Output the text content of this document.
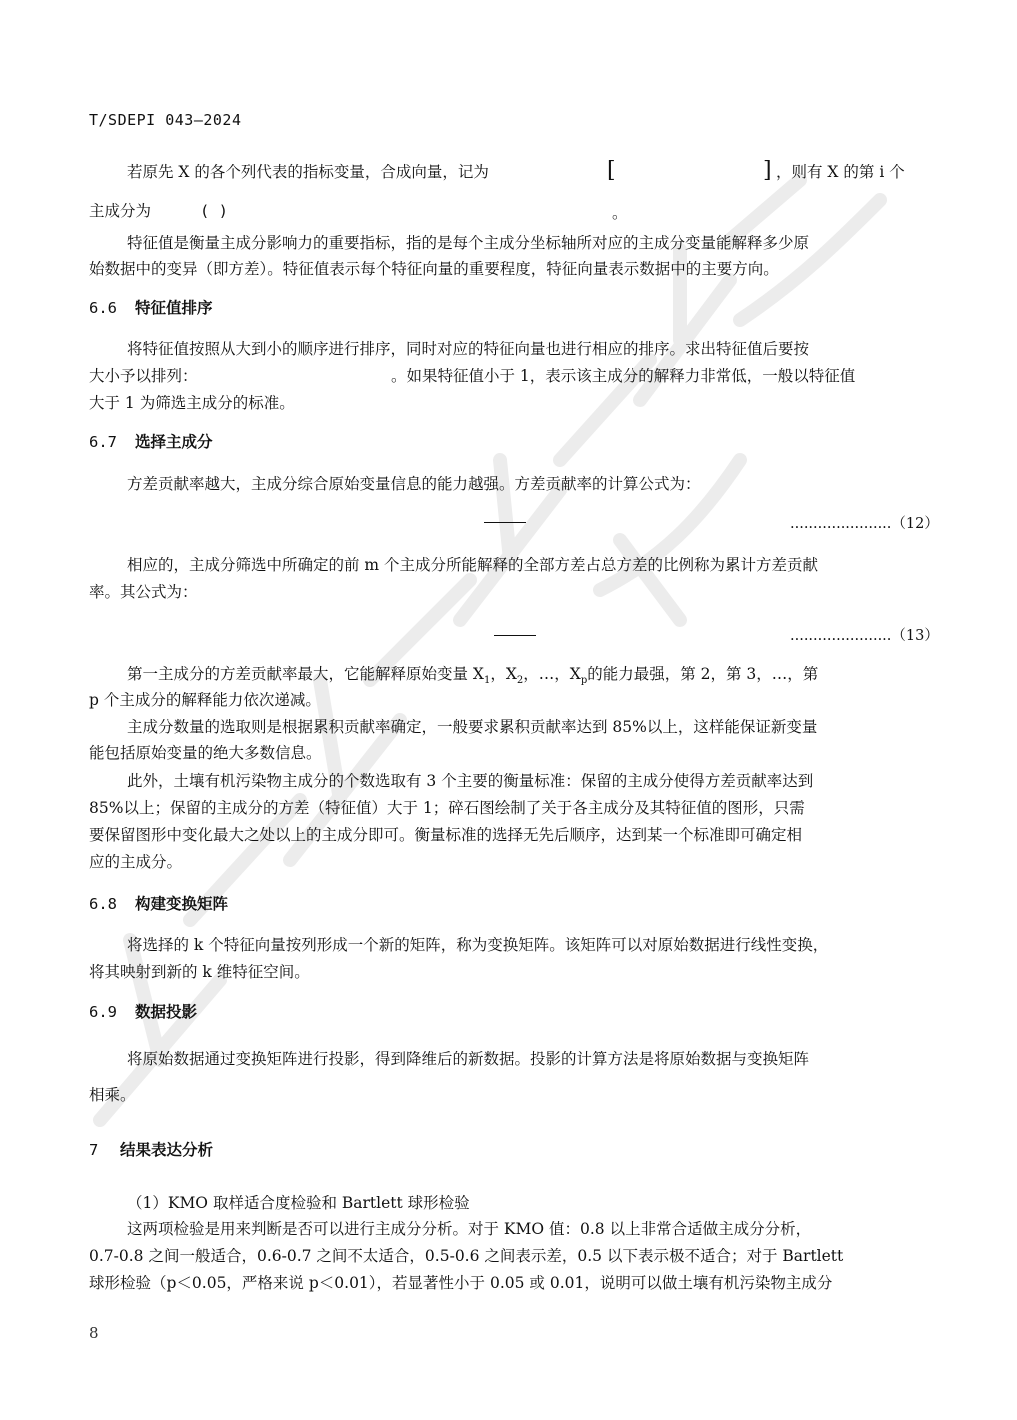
T/SDEPI 043—2024
若原先 X 的各个列代表的指标变量，合成向量，记为	[	] ，则有 X 的第 i 个
主成分为	( )	。
特征值是衡量主成分影响力的重要指标，指的是每个主成分坐标轴所对应的主成分变量能解释多少原
始数据中的变异（即方差）。特征值表示每个特征向量的重要程度，特征向量表示数据中的主要方向。
6.6 特征值排序
将特征值按照从大到小的顺序进行排序，同时对应的特征向量也进行相应的排序。求出特征值后要按
大小予以排列：	。如果特征值小于 1，表示该主成分的解释力非常低，一般以特征值
大于 1 为筛选主成分的标准。
6.7 选择主成分
方差贡献率越大，主成分综合原始变量信息的能力越强。方差贡献率的计算公式为：
......................（12）
相应的，主成分筛选中所确定的前 m 个主成分所能解释的全部方差占总方差的比例称为累计方差贡献
率。其公式为：
......................（13）
第一主成分的方差贡献率最大，它能解释原始变量 $X_1$，$X_2$，…，$X_p$的能力最强，第 2，第 3，…，第
p 个主成分的解释能力依次递减。
主成分数量的选取则是根据累积贡献率确定，一般要求累积贡献率达到 85%以上，这样能保证新变量
能包括原始变量的绝大多数信息。
此外，土壤有机污染物主成分的个数选取有 3 个主要的衡量标准：保留的主成分使得方差贡献率达到
85%以上；保留的主成分的方差（特征值）大于 1；碎石图绘制了关于各主成分及其特征值的图形，只需
要保留图形中变化最大之处以上的主成分即可。衡量标准的选择无先后顺序，达到某一个标准即可确定相
应的主成分。
6.8 构建变换矩阵
将选择的 k 个特征向量按列形成一个新的矩阵，称为变换矩阵。该矩阵可以对原始数据进行线性变换，
将其映射到新的 k 维特征空间。
6.9 数据投影
将原始数据通过变换矩阵进行投影，得到降维后的新数据。投影的计算方法是将原始数据与变换矩阵
相乘。
7 结果表达分析
（1）KMO 取样适合度检验和 Bartlett 球形检验
这两项检验是用来判断是否可以进行主成分分析。对于 KMO 值：0.8 以上非常合适做主成分分析，
0.7-0.8 之间一般适合，0.6-0.7 之间不太适合，0.5-0.6 之间表示差，0.5 以下表示极不适合；对于 Bartlett
球形检验（p＜0.05，严格来说 p＜0.01），若显著性小于 0.05 或 0.01，说明可以做土壤有机污染物主成分
8
